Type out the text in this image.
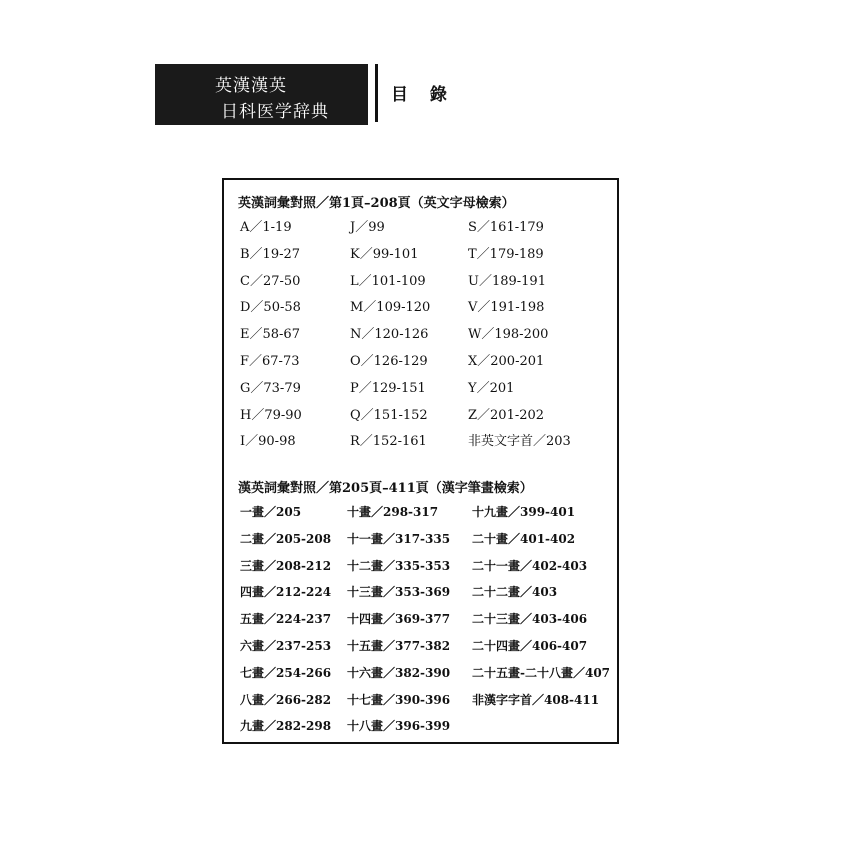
英漢漢英
日科医学辞典
目 錄
英漢詞彙對照／第1頁–208頁（英文字母檢索）
A／1-19
B／19-27
C／27-50
D／50-58
E／58-67
F／67-73
G／73-79
H／79-90
I／90-98
J／99
K／99-101
L／101-109
M／109-120
N／120-126
O／126-129
P／129-151
Q／151-152
R／152-161
S／161-179
T／179-189
U／189-191
V／191-198
W／198-200
X／200-201
Y／201
Z／201-202
非英文字首／203
漢英詞彙對照／第205頁–411頁（漢字筆畫檢索）
一畫／205
二畫／205-208
三畫／208-212
四畫／212-224
五畫／224-237
六畫／237-253
七畫／254-266
八畫／266-282
九畫／282-298
十畫／298-317
十一畫／317-335
十二畫／335-353
十三畫／353-369
十四畫／369-377
十五畫／377-382
十六畫／382-390
十七畫／390-396
十八畫／396-399
十九畫／399-401
二十畫／401-402
二十一畫／402-403
二十二畫／403
二十三畫／403-406
二十四畫／406-407
二十五畫-二十八畫／407
非漢字字首／408-411
